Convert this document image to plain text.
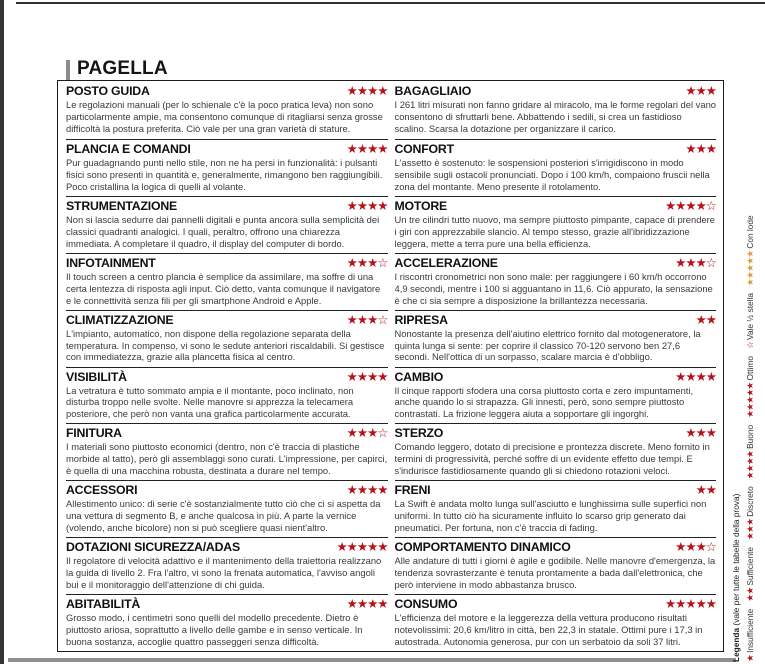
PAGELLA
POSTO GUIDA	★★★★

Le regolazioni manuali (per lo schienale c'è la poco pratica leva) non sono particolarmente ampie, ma consentono comunque di ritagliarsi senza grosse difficoltà la postura preferita. Ciò vale per una gran varietà di stature.

PLANCIA E COMANDI	★★★★

Pur guadagnando punti nello stile, non ne ha persi in funzionalità: i pulsanti fisici sono presenti in quantità e, generalmente, rimangono ben raggiungibili. Poco cristallina la logica di quelli al volante.

STRUMENTAZIONE	★★★★

Non si lascia sedurre dai pannelli digitali e punta ancora sulla semplicità dei classici quadranti analogici. I quali, peraltro, offrono una chiarezza immediata. A completare il quadro, il display del computer di bordo.

INFOTAINMENT	★★★☆

Il touch screen a centro plancia è semplice da assimilare, ma soffre di una certa lentezza di risposta agli input. Ciò detto, vanta comunque il navigatore e le connettività senza fili per gli smartphone Android e Apple.

CLIMATIZZAZIONE	★★★☆

L'impianto, automatico, non dispone della regolazione separata della temperatura. In compenso, vi sono le sedute anteriori riscaldabili. Si gestisce con immediatezza, grazie alla plancetta fisica al centro.

VISIBILITÀ	★★★★

La vetratura è tutto sommato ampia e il montante, poco inclinato, non disturba troppo nelle svolte. Nelle manovre si apprezza la telecamera posteriore, che però non vanta una grafica particolarmente accurata.

FINITURA	★★★☆

I materiali sono piuttosto economici (dentro, non c'è traccia di plastiche morbide al tatto), però gli assemblaggi sono curati. L'impressione, per capirci, è quella di una macchina robusta, destinata a durare nel tempo.

ACCESSORI	★★★★

Allestimento unico: di serie c'è sostanzialmente tutto ciò che ci si aspetta da una vettura di segmento B, e anche qualcosa in più. A parte la vernice (volendo, anche bicolore) non si può scegliere quasi nient'altro.

DOTAZIONI SICUREZZA/ADAS	★★★★★

Il regolatore di velocità adattivo e il mantenimento della traiettoria realizzano la guida di livello 2. Fra l'altro, vi sono la frenata automatica, l'avviso angoli bui e il monitoraggio dell'attenzione di chi guida.

ABITABILITÀ	★★★★

Grosso modo, i centimetri sono quelli del modello precedente. Dietro è piuttosto ariosa, soprattutto a livello delle gambe e in senso verticale. In buona sostanza, accoglie quattro passeggeri senza difficoltà.

BAGAGLIAIO	★★★

I 261 litri misurati non fanno gridare al miracolo, ma le forme regolari del vano consentono di sfruttarli bene. Abbattendo i sedili, si crea un fastidioso scalino. Scarsa la dotazione per organizzare il carico.

CONFORT	★★★

L'assetto è sostenuto: le sospensioni posteriori s'irrigidiscono in modo sensibile sugli ostacoli pronunciati. Dopo i 100 km/h, compaiono fruscii nella zona del montante. Meno presente il rotolamento.

MOTORE	★★★★☆

Un tre cilindri tutto nuovo, ma sempre piuttosto pimpante, capace di prendere i giri con apprezzabile slancio. Al tempo stesso, grazie all'ibridizzazione leggera, mette a terra pure una bella efficienza.

ACCELERAZIONE	★★★☆

I riscontri cronometrici non sono male: per raggiungere i 60 km/h occorrono 4,9 secondi, mentre i 100 si agguantano in 11,6. Ciò appurato, la sensazione è che ci sia sempre a disposizione la brillantezza necessaria.

RIPRESA	★★

Nonostante la presenza dell'aiutino elettrico fornito dal motogeneratore, la quinta lunga si sente: per coprire il classico 70-120 servono ben 27,6 secondi. Nell'ottica di un sorpasso, scalare marcia è d'obbligo.

CAMBIO	★★★★

Il cinque rapporti sfodera una corsa piuttosto corta e zero impuntamenti, anche quando lo si strapazza. Gli innesti, però, sono sempre piuttosto contrastati. La frizione leggera aiuta a sopportare gli ingorghi.

STERZO	★★★

Comando leggero, dotato di precisione e prontezza discrete. Meno fornito in termini di progressività, perché soffre di un evidente effetto due tempi. E s'indurisce fastidiosamente quando gli si chiedono rotazioni veloci.

FRENI	★★

La Swift è andata molto lunga sull'asciutto e lunghissima sulle superfici non uniformi. In tutto ciò ha sicuramente influito lo scarso grip generato dai pneumatici. Per fortuna, non c'è traccia di fading.

COMPORTAMENTO DINAMICO	★★★☆

Alle andature di tutti i giorni è agile e godibile. Nelle manovre d'emergenza, la tendenza sovrasterzante è tenuta prontamente a bada dall'elettronica, che però interviene in modo abbastanza brusco.

CONSUMO	★★★★★

L'efficienza del motore e la leggerezza della vettura producono risultati notevolissimi: 20,6 km/litro in città, ben 22,3 in statale. Ottimi pure i 17,3 in autostrada. Autonomia generosa, pur con un serbatoio da soli 37 litri.	Legenda (vale per tutte le tabelle della prova)
★Insufficiente★★Sufficiente★★★Discreto★★★★Buono★★★★★Ottimo☆Vale ½ stella★★★★★Con lode
